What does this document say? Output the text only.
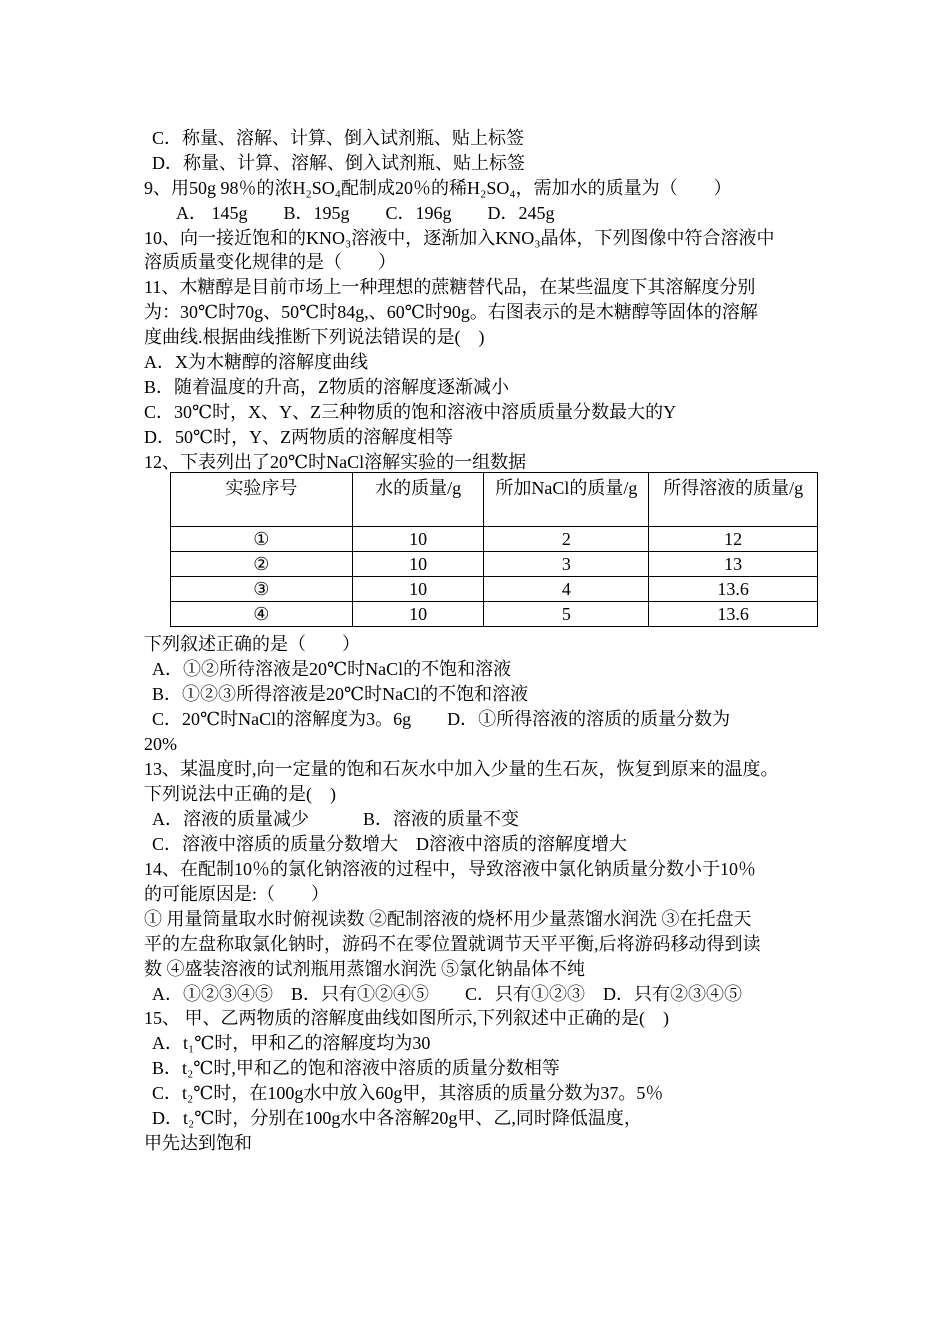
C．称量、溶解、计算、倒入试剂瓶、贴上标签
D．称量、计算、溶解、倒入试剂瓶、贴上标签
9、用50g 98％的浓H₂SO₄配制成20％的稀H₂SO₄，需加水的质量为（　　）
A． 145g　　B．195g　　C．196g　　D．245g
10、向一接近饱和的KNO₃溶液中，逐渐加入KNO₃晶体，下列图像中符合溶液中
溶质质量变化规律的是（　　）
11、木糖醇是目前市场上一种理想的蔗糖替代品，在某些温度下其溶解度分别
为：30℃时70g、50℃时84g,、60℃时90g。右图表示的是木糖醇等固体的溶解
度曲线.根据曲线推断下列说法错误的是(　)
A．X为木糖醇的溶解度曲线
B．随着温度的升高，Z物质的溶解度逐渐减小
C．30℃时，X、Y、Z三种物质的饱和溶液中溶质质量分数最大的Y
D．50℃时，Y、Z两物质的溶解度相等
12、下表列出了20℃时NaCl溶解实验的一组数据
实验序号	水的质量/g	所加NaCl的质量/g	所得溶液的质量/g
①	10	2	12
②	10	3	13
③	10	4	13.6
④	10	5	13.6
下列叙述正确的是（　　）
A．①②所待溶液是20℃时NaCl的不饱和溶液
B．①②③所得溶液是20℃时NaCl的不饱和溶液
C．20℃时NaCl的溶解度为3。6g　　D．①所得溶液的溶质的质量分数为
20%
13、某温度时,向一定量的饱和石灰水中加入少量的生石灰，恢复到原来的温度。
下列说法中正确的是(　)
A．溶液的质量减少　　　B．溶液的质量不变
C．溶液中溶质的质量分数增大　D溶液中溶质的溶解度增大
14、在配制10％的氯化钠溶液的过程中，导致溶液中氯化钠质量分数小于10％
的可能原因是:（　　）
① 用量筒量取水时俯视读数 ②配制溶液的烧杯用少量蒸馏水润洗 ③在托盘天
平的左盘称取氯化钠时，游码不在零位置就调节天平平衡,后将游码移动得到读
数 ④盛装溶液的试剂瓶用蒸馏水润洗 ⑤氯化钠晶体不纯
A．①②③④⑤　B．只有①②④⑤　　C．只有①②③　D．只有②③④⑤
15、 甲、乙两物质的溶解度曲线如图所示,下列叙述中正确的是(　)
A．t₁℃时，甲和乙的溶解度均为30
B．t₂℃时,甲和乙的饱和溶液中溶质的质量分数相等
C．t₂℃时，在100g水中放入60g甲，其溶质的质量分数为37。5％
D．t₂℃时，分别在100g水中各溶解20g甲、乙,同时降低温度，
甲先达到饱和
